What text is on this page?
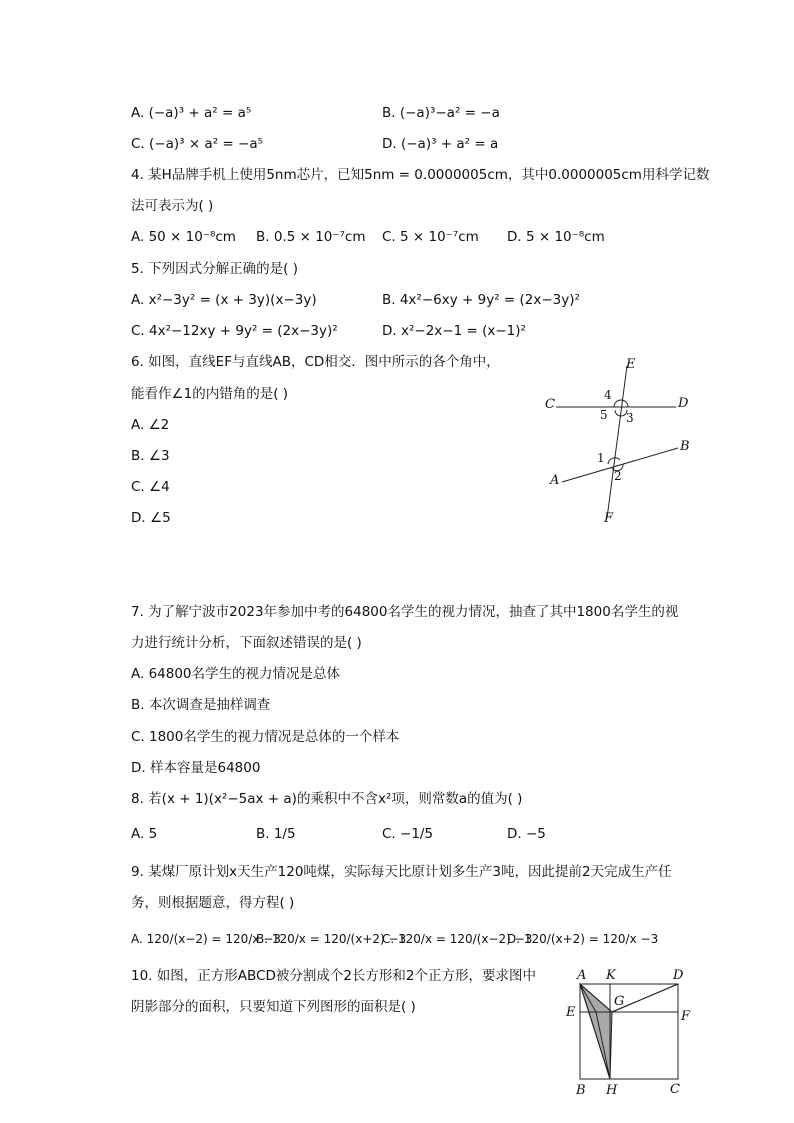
A. (−a)³ + a² = a⁵	B. (−a)³−a² = −a
C. (−a)³ × a² = −a⁵	D. (−a)³ + a² = a
4. 某H品牌手机上使用5nm芯片，已知5nm = 0.0000005cm，其中0.0000005cm用科学记数
法可表示为( )
A. 50 × 10⁻⁸cm B. 0.5 × 10⁻⁷cm C. 5 × 10⁻⁷cm D. 5 × 10⁻⁸cm
5. 下列因式分解正确的是( )
A. x²−3y² = (x + 3y)(x−3y)	B. 4x²−6xy + 9y² = (2x−3y)²
C. 4x²−12xy + 9y² = (2x−3y)²	D. x²−2x−1 = (x−1)²
6. 如图，直线EF与直线AB，CD相交．图中所示的各个角中，
能看作∠1的内错角的是( )
A. ∠2
B. ∠3
C. ∠4
D. ∠5
E
C	D
B
A
F
4
5 3
1
2
7. 为了解宁波市2023年参加中考的64800名学生的视力情况，抽查了其中1800名学生的视
力进行统计分析，下面叙述错误的是( )
A. 64800名学生的视力情况是总体
B. 本次调查是抽样调查
C. 1800名学生的视力情况是总体的一个样本
D. 样本容量是64800
8. 若(x + 1)(x²−5ax + a)的乘积中不含x²项，则常数a的值为( )
A. 5	B. 1/5	C. −1/5	D. −5
9. 某煤厂原计划x天生产120吨煤，实际每天比原计划多生产3吨，因此提前2天完成生产任
务，则根据题意，得方程( )
A. 120/(x−2) = 120/x −3
B. 120/x = 120/(x+2) −3
C. 120/x = 120/(x−2) −3
D. 120/(x+2) = 120/x −3
10. 如图，正方形ABCD被分割成个2长方形和2个正方形，要求图中
阴影部分的面积，只要知道下列图形的面积是( )
A K	D
G
E	F
B H	C
